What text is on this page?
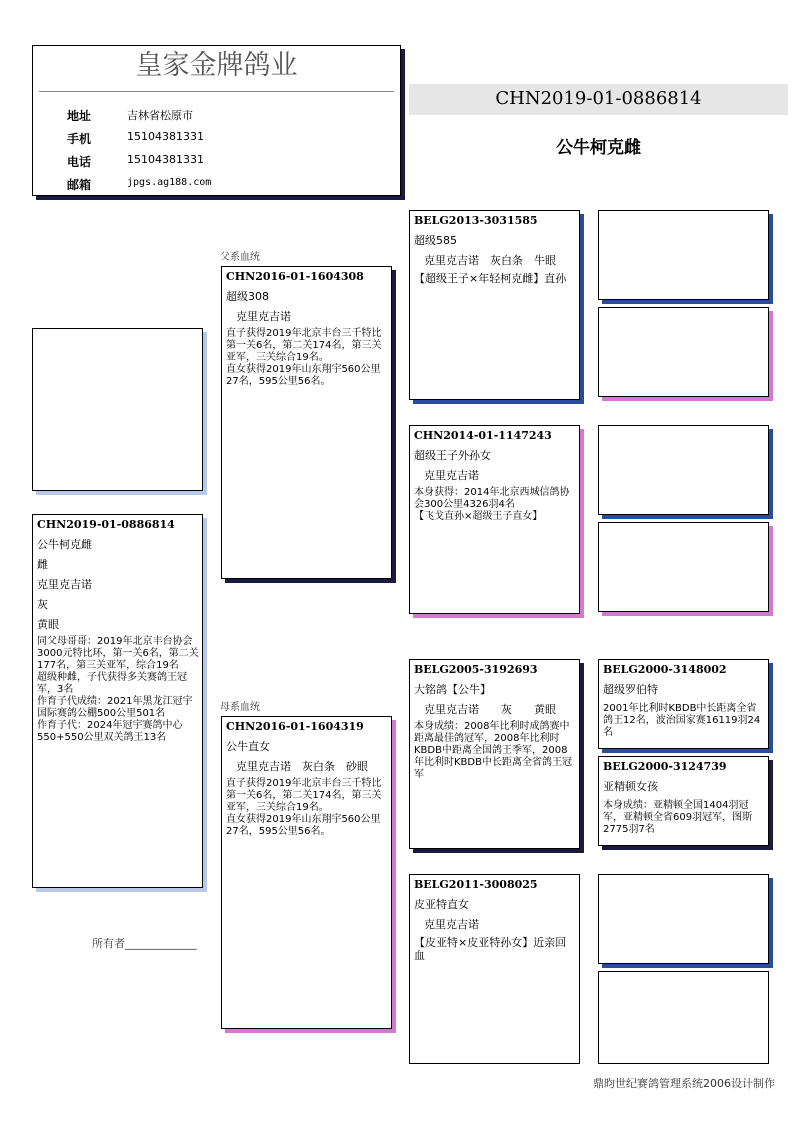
皇家金牌鸽业
地址	吉林省松原市
手机	15104381331
电话	15104381331
邮箱	jpgs.ag188.com
CHN2019-01-0886814
公牛柯克雌
CHN2019-01-0886814
公牛柯克雌
雌
克里克吉诺
灰
黄眼
同父母哥哥：2019年北京丰台协会3000元特比环，第一关6名，第二关177名，第三关亚军，综合19名
超级种雌，子代获得多关赛鸽王冠军，3名
作育子代成绩：2021年黑龙江冠宇国际赛鸽公棚500公里501名
作育子代：2024年冠宇赛鸽中心550+550公里双关鸽王13名
所有者_____________
父系血统
CHN2016-01-1604308
超级308
克里克吉诺
直子获得2019年北京丰台三千特比第一关6名，第二关174名，第三关亚军，三关综合19名。
直女获得2019年山东翔宇560公里27名，595公里56名。
母系血统
CHN2016-01-1604319
公牛直女
克里克吉诺　灰白条　砂眼
直子获得2019年北京丰台三千特比第一关6名，第二关174名，第三关亚军，三关综合19名。
直女获得2019年山东翔宇560公里27名，595公里56名。
BELG2013-3031585
超级585
克里克吉诺　灰白条　牛眼
【超级王子×年轻柯克雌】直孙
CHN2014-01-1147243
超级王子外孙女
克里克吉诺
本身获得：2014年北京西城信鸽协会300公里4326羽4名
【飞戈直孙×超级王子直女】
BELG2005-3192693
大铭鸽【公牛】
克里克吉诺　　灰　　黄眼
本身成绩：2008年比利时成鸽赛中距离最佳鸽冠军，2008年比利时KBDB中距离全国鸽王季军，2008年比利时KBDB中长距离全省鸽王冠军
BELG2011-3008025
皮亚特直女
克里克吉诺
【皮亚特×皮亚特孙女】近亲回血
BELG2000-3148002
超级罗伯特
2001年比利时KBDB中长距离全省鸽王12名，波治国家赛16119羽24名
BELG2000-3124739
亚精顿女孩
本身成绩：亚精顿全国1404羽冠军，亚精顿全省609羽冠军，图斯2775羽7名
鼎昀世纪赛鸽管理系统2006设计制作
